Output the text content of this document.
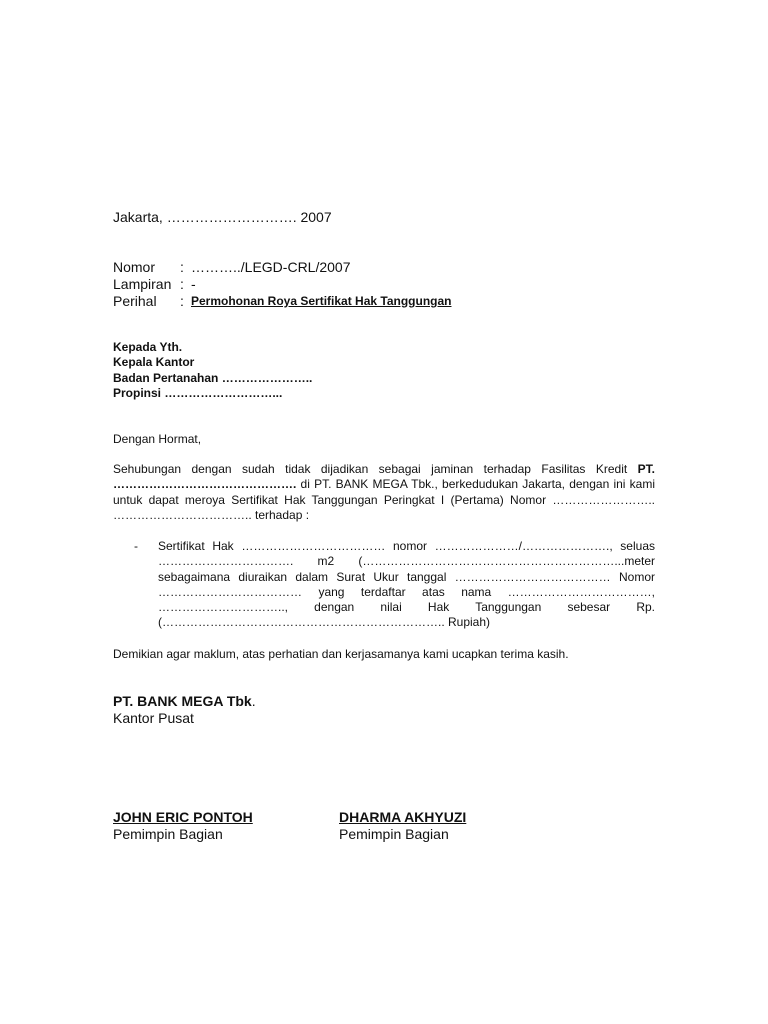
Jakarta, ………………………. 2007
Nomor	: ………../LEGD-CRL/2007
Lampiran : -
Perihal	: Permohonan Roya Sertifikat Hak Tanggungan
Kepada Yth.
Kepala Kantor
Badan Pertanahan …………………..
Propinsi ………………………...
Dengan Hormat,
Sehubungan dengan sudah tidak dijadikan sebagai jaminan terhadap Fasilitas Kredit PT.
………………………………………. di PT. BANK MEGA Tbk., berkedudukan Jakarta, dengan ini kami
untuk dapat meroya Sertifikat Hak Tanggungan Peringkat I (Pertama) Nomor ……………………..
…………………………….. terhadap :
- Sertifikat Hak ……………………………… nomor …………………/…………………., seluas
……………………………. m2 (………………………………………………………...meter
sebagaimana diuraikan dalam Surat Ukur tanggal ………………………………… Nomor
……………………………… yang terdaftar atas nama ………………………………,
………………………….., dengan nilai Hak Tanggungan sebesar Rp.
(…………………………………………………………….. Rupiah)
Demikian agar maklum, atas perhatian dan kerjasamanya kami ucapkan terima kasih.
PT. BANK MEGA Tbk.
Kantor Pusat
JOHN ERIC PONTOH
Pemimpin Bagian
DHARMA AKHYUZI
Pemimpin Bagian
